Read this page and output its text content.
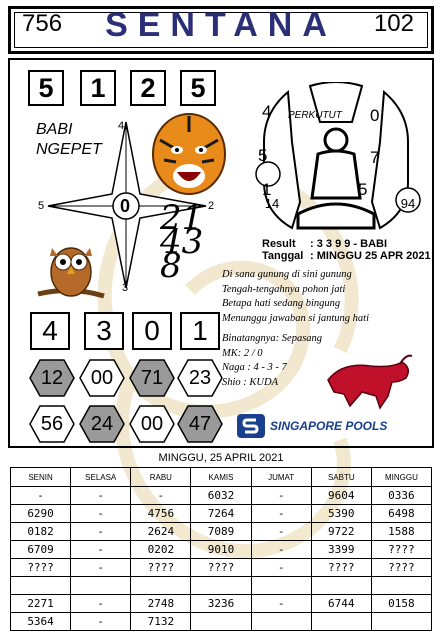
756	SENTANA	102
5	1	2	5
BABI
NGEPET
4
5	2
3
0 21 43 8
PERKUTUT
4	0
5	7
1	5
14	94
Result : 3 3 9 9 - BABI
Tanggal : MINGGU 25 APR 2021
Di sana gunung di sini gunung
Tengah-tengahnya pohon jati
Betapa hati sedang bingung
Menunggu jawaban si jantung hati
Binatangnya: Sepasang
MK: 2 / 0
Naga : 4 - 3 - 7
Shio : KUDA
4	3	0	1
12	00	71	23
56	24	00	47	SINGAPORE POOLS
MINGGU, 25 APRIL 2021
SENIN	SELASA	RABU	KAMIS	JUMAT	SABTU	MINGGU
-	-	-	6032	-	9604	0336
6290	-	4756	7264	-	5390	6498
0182	-	2624	7089	-	9722	1588
6709	-	0202	9010	-	3399	????
????	-	????	????	-	????	????

2271	-	2748	3236	-	6744	0158
5364	-	7132				
